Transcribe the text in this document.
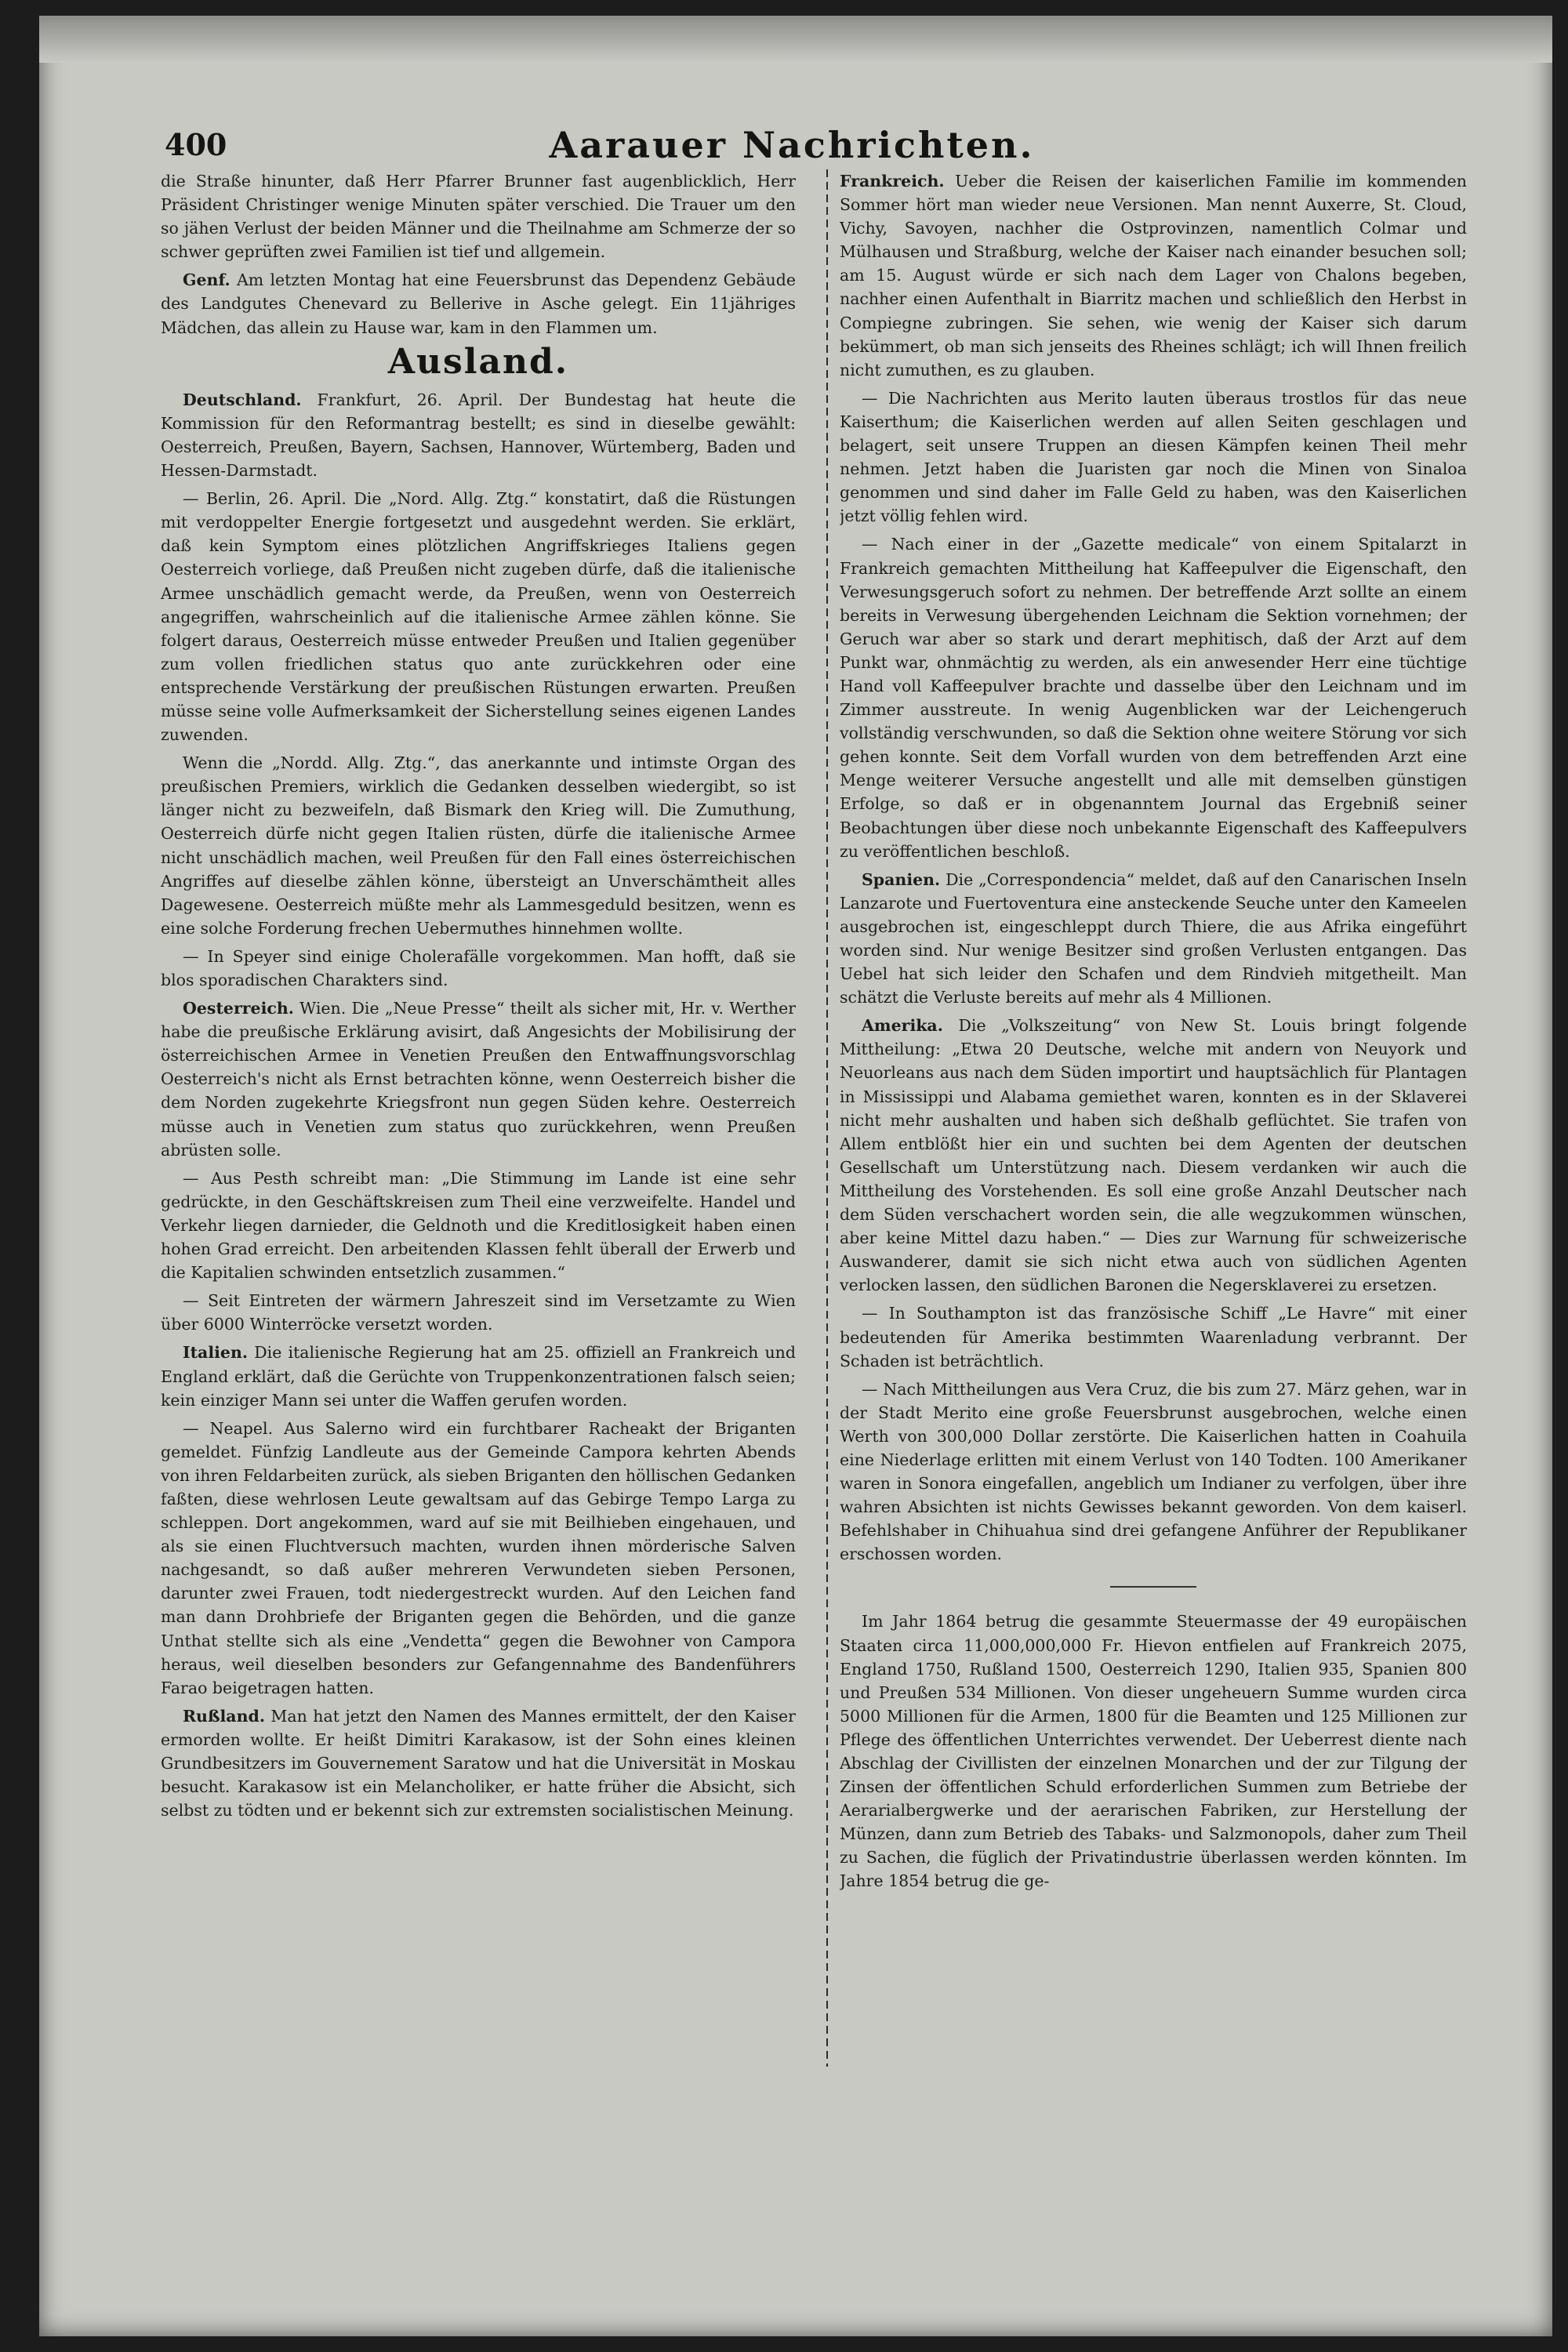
400	Aarauer Nachrichten.

die Straße hinunter, daß Herr Pfarrer Brunner fast augenblicklich, Herr Präsident Christinger wenige Minuten später verschied. Die Trauer um den so jähen Verlust der beiden Männer und die Theilnahme am Schmerze der so schwer geprüften zwei Familien ist tief und allgemein.

Genf. Am letzten Montag hat eine Feuersbrunst das Dependenz Gebäude des Landgutes Chenevard zu Bellerive in Asche gelegt. Ein 11jähriges Mädchen, das allein zu Hause war, kam in den Flammen um.

Ausland.

Deutschland. Frankfurt, 26. April. Der Bundestag hat heute die Kommission für den Reformantrag bestellt; es sind in dieselbe gewählt: Oesterreich, Preußen, Bayern, Sachsen, Hannover, Würtemberg, Baden und Hessen-Darmstadt.

— Berlin, 26. April. Die „Nord. Allg. Ztg.“ konstatirt, daß die Rüstungen mit verdoppelter Energie fortgesetzt und ausgedehnt werden. Sie erklärt, daß kein Symptom eines plötzlichen Angriffskrieges Italiens gegen Oesterreich vorliege, daß Preußen nicht zugeben dürfe, daß die italienische Armee unschädlich gemacht werde, da Preußen, wenn von Oesterreich angegriffen, wahrscheinlich auf die italienische Armee zählen könne. Sie folgert daraus, Oesterreich müsse entweder Preußen und Italien gegenüber zum vollen friedlichen status quo ante zurückkehren oder eine entsprechende Verstärkung der preußischen Rüstungen erwarten. Preußen müsse seine volle Aufmerksamkeit der Sicherstellung seines eigenen Landes zuwenden.

Wenn die „Nordd. Allg. Ztg.“, das anerkannte und intimste Organ des preußischen Premiers, wirklich die Gedanken desselben wiedergibt, so ist länger nicht zu bezweifeln, daß Bismark den Krieg will. Die Zumuthung, Oesterreich dürfe nicht gegen Italien rüsten, dürfe die italienische Armee nicht unschädlich machen, weil Preußen für den Fall eines österreichischen Angriffes auf dieselbe zählen könne, übersteigt an Unverschämtheit alles Dagewesene. Oesterreich müßte mehr als Lammesgeduld besitzen, wenn es eine solche Forderung frechen Uebermuthes hinnehmen wollte.

— In Speyer sind einige Cholerafälle vorgekommen. Man hofft, daß sie blos sporadischen Charakters sind.

Oesterreich. Wien. Die „Neue Presse“ theilt als sicher mit, Hr. v. Werther habe die preußische Erklärung avisirt, daß Angesichts der Mobilisirung der österreichischen Armee in Venetien Preußen den Entwaffnungsvorschlag Oesterreich's nicht als Ernst betrachten könne, wenn Oesterreich bisher die dem Norden zugekehrte Kriegsfront nun gegen Süden kehre. Oesterreich müsse auch in Venetien zum status quo zurückkehren, wenn Preußen abrüsten solle.

— Aus Pesth schreibt man: „Die Stimmung im Lande ist eine sehr gedrückte, in den Geschäftskreisen zum Theil eine verzweifelte. Handel und Verkehr liegen darnieder, die Geldnoth und die Kreditlosigkeit haben einen hohen Grad erreicht. Den arbeitenden Klassen fehlt überall der Erwerb und die Kapitalien schwinden entsetzlich zusammen.“

— Seit Eintreten der wärmern Jahreszeit sind im Versetzamte zu Wien über 6000 Winterröcke versetzt worden.

Italien. Die italienische Regierung hat am 25. offiziell an Frankreich und England erklärt, daß die Gerüchte von Truppenkonzentrationen falsch seien; kein einziger Mann sei unter die Waffen gerufen worden.

— Neapel. Aus Salerno wird ein furchtbarer Racheakt der Briganten gemeldet. Fünfzig Landleute aus der Gemeinde Campora kehrten Abends von ihren Feldarbeiten zurück, als sieben Briganten den höllischen Gedanken faßten, diese wehrlosen Leute gewaltsam auf das Gebirge Tempo Larga zu schleppen. Dort angekommen, ward auf sie mit Beilhieben eingehauen, und als sie einen Fluchtversuch machten, wurden ihnen mörderische Salven nachgesandt, so daß außer mehreren Verwundeten sieben Personen, darunter zwei Frauen, todt niedergestreckt wurden. Auf den Leichen fand man dann Drohbriefe der Briganten gegen die Behörden, und die ganze Unthat stellte sich als eine „Vendetta“ gegen die Bewohner von Campora heraus, weil dieselben besonders zur Gefangennahme des Bandenführers Farao beigetragen hatten.

Rußland. Man hat jetzt den Namen des Mannes ermittelt, der den Kaiser ermorden wollte. Er heißt Dimitri Karakasow, ist der Sohn eines kleinen Grundbesitzers im Gouvernement Saratow und hat die Universität in Moskau besucht. Karakasow ist ein Melancholiker, er hatte früher die Absicht, sich selbst zu tödten und er bekennt sich zur extremsten socialistischen Meinung.

Frankreich. Ueber die Reisen der kaiserlichen Familie im kommenden Sommer hört man wieder neue Versionen. Man nennt Auxerre, St. Cloud, Vichy, Savoyen, nachher die Ostprovinzen, namentlich Colmar und Mülhausen und Straßburg, welche der Kaiser nach einander besuchen soll; am 15. August würde er sich nach dem Lager von Chalons begeben, nachher einen Aufenthalt in Biarritz machen und schließlich den Herbst in Compiegne zubringen. Sie sehen, wie wenig der Kaiser sich darum bekümmert, ob man sich jenseits des Rheines schlägt; ich will Ihnen freilich nicht zumuthen, es zu glauben.

— Die Nachrichten aus Merito lauten überaus trostlos für das neue Kaiserthum; die Kaiserlichen werden auf allen Seiten geschlagen und belagert, seit unsere Truppen an diesen Kämpfen keinen Theil mehr nehmen. Jetzt haben die Juaristen gar noch die Minen von Sinaloa genommen und sind daher im Falle Geld zu haben, was den Kaiserlichen jetzt völlig fehlen wird.

— Nach einer in der „Gazette medicale“ von einem Spitalarzt in Frankreich gemachten Mittheilung hat Kaffeepulver die Eigenschaft, den Verwesungsgeruch sofort zu nehmen. Der betreffende Arzt sollte an einem bereits in Verwesung übergehenden Leichnam die Sektion vornehmen; der Geruch war aber so stark und derart mephitisch, daß der Arzt auf dem Punkt war, ohnmächtig zu werden, als ein anwesender Herr eine tüchtige Hand voll Kaffeepulver brachte und dasselbe über den Leichnam und im Zimmer ausstreute. In wenig Augenblicken war der Leichengeruch vollständig verschwunden, so daß die Sektion ohne weitere Störung vor sich gehen konnte. Seit dem Vorfall wurden von dem betreffenden Arzt eine Menge weiterer Versuche angestellt und alle mit demselben günstigen Erfolge, so daß er in obgenanntem Journal das Ergebniß seiner Beobachtungen über diese noch unbekannte Eigenschaft des Kaffeepulvers zu veröffentlichen beschloß.

Spanien. Die „Correspondencia“ meldet, daß auf den Canarischen Inseln Lanzarote und Fuertoventura eine ansteckende Seuche unter den Kameelen ausgebrochen ist, eingeschleppt durch Thiere, die aus Afrika eingeführt worden sind. Nur wenige Besitzer sind großen Verlusten entgangen. Das Uebel hat sich leider den Schafen und dem Rindvieh mitgetheilt. Man schätzt die Verluste bereits auf mehr als 4 Millionen.

Amerika. Die „Volkszeitung“ von New St. Louis bringt folgende Mittheilung: „Etwa 20 Deutsche, welche mit andern von Neuyork und Neuorleans aus nach dem Süden importirt und hauptsächlich für Plantagen in Mississippi und Alabama gemiethet waren, konnten es in der Sklaverei nicht mehr aushalten und haben sich deßhalb geflüchtet. Sie trafen von Allem entblößt hier ein und suchten bei dem Agenten der deutschen Gesellschaft um Unterstützung nach. Diesem verdanken wir auch die Mittheilung des Vorstehenden. Es soll eine große Anzahl Deutscher nach dem Süden verschachert worden sein, die alle wegzukommen wünschen, aber keine Mittel dazu haben.“ — Dies zur Warnung für schweizerische Auswanderer, damit sie sich nicht etwa auch von südlichen Agenten verlocken lassen, den südlichen Baronen die Negersklaverei zu ersetzen.

— In Southampton ist das französische Schiff „Le Havre“ mit einer bedeutenden für Amerika bestimmten Waarenladung verbrannt. Der Schaden ist beträchtlich.

— Nach Mittheilungen aus Vera Cruz, die bis zum 27. März gehen, war in der Stadt Merito eine große Feuersbrunst ausgebrochen, welche einen Werth von 300,000 Dollar zerstörte. Die Kaiserlichen hatten in Coahuila eine Niederlage erlitten mit einem Verlust von 140 Todten. 100 Amerikaner waren in Sonora eingefallen, angeblich um Indianer zu verfolgen, über ihre wahren Absichten ist nichts Gewisses bekannt geworden. Von dem kaiserl. Befehlshaber in Chihuahua sind drei gefangene Anführer der Republikaner erschossen worden.

Im Jahr 1864 betrug die gesammte Steuermasse der 49 europäischen Staaten circa 11,000,000,000 Fr. Hievon entfielen auf Frankreich 2075, England 1750, Rußland 1500, Oesterreich 1290, Italien 935, Spanien 800 und Preußen 534 Millionen. Von dieser ungeheuern Summe wurden circa 5000 Millionen für die Armen, 1800 für die Beamten und 125 Millionen zur Pflege des öffentlichen Unterrichtes verwendet. Der Ueberrest diente nach Abschlag der Civillisten der einzelnen Monarchen und der zur Tilgung der Zinsen der öffentlichen Schuld erforderlichen Summen zum Betriebe der Aerarialbergwerke und der aerarischen Fabriken, zur Herstellung der Münzen, dann zum Betrieb des Tabaks- und Salzmonopols, daher zum Theil zu Sachen, die füglich der Privatindustrie überlassen werden könnten. Im Jahre 1854 betrug die ge-
